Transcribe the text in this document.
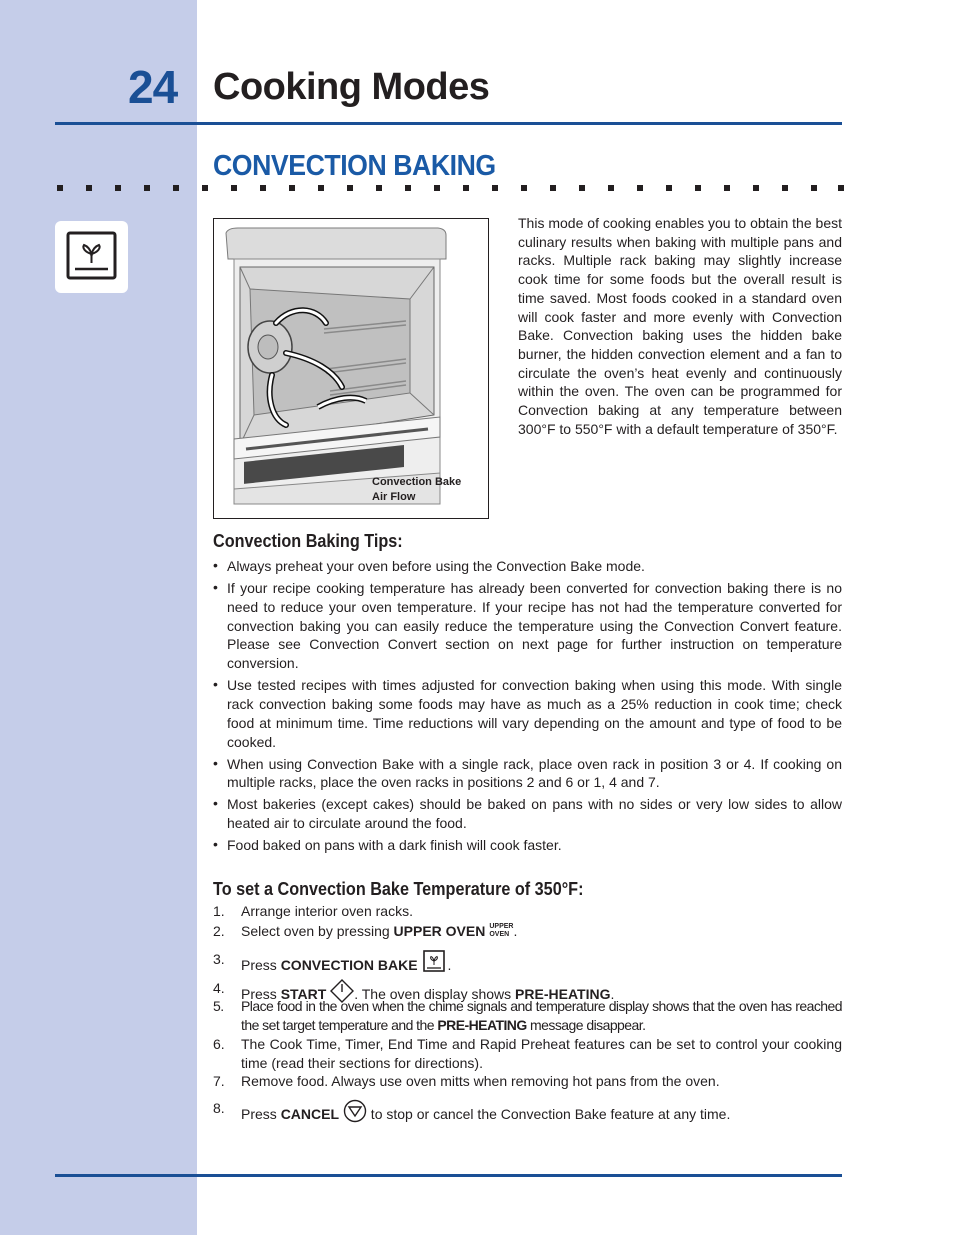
24 Cooking Modes
CONVECTION BAKING
Convection Bake
Air Flow
This mode of cooking enables you to obtain the best culinary results when baking with multiple pans and racks. Multiple rack baking may slightly increase cook time for some foods but the overall result is time saved. Most foods cooked in a standard oven will cook faster and more evenly with Convection Bake. Convection baking uses the hidden bake burner, the hidden convection element and a fan to circulate the oven’s heat evenly and continuously within the oven. The oven can be programmed for Convection baking at any temperature between 300°F to 550°F with a default temperature of 350°F.
Convection Baking Tips:
• Always preheat your oven before using the Convection Bake mode.
• If your recipe cooking temperature has already been converted for convection baking there is no need to reduce your oven temperature. If your recipe has not had the temperature converted for convection baking you can easily reduce the temperature using the Convection Convert feature. Please see Convection Convert section on next page for further instruction on temperature conversion.
• Use tested recipes with times adjusted for convection baking when using this mode. With single rack convection baking some foods may have as much as a 25% reduction in cook time; check food at minimum time. Time reductions will vary depending on the amount and type of food to be cooked.
• When using Convection Bake with a single rack, place oven rack in position 3 or 4. If cooking on multiple racks, place the oven racks in positions 2 and 6 or 1, 4 and 7.
• Most bakeries (except cakes) should be baked on pans with no sides or very low sides to allow heated air to circulate around the food.
• Food baked on pans with a dark finish will cook faster.
To set a Convection Bake Temperature of 350°F:
1. Arrange interior oven racks.
2. Select oven by pressing UPPER OVEN UPPER
OVEN .
3. Press CONVECTION BAKE .
4. Press START . The oven display shows PRE-HEATING.
5. Place food in the oven when the chime signals and temperature display shows that the oven has reached the set target temperature and the PRE-HEATING message disappear.
6. The Cook Time, Timer, End Time and Rapid Preheat features can be set to control your cooking time (read their sections for directions).
7. Remove food. Always use oven mitts when removing hot pans from the oven.
8. Press CANCEL  to stop or cancel the Convection Bake feature at any time.
